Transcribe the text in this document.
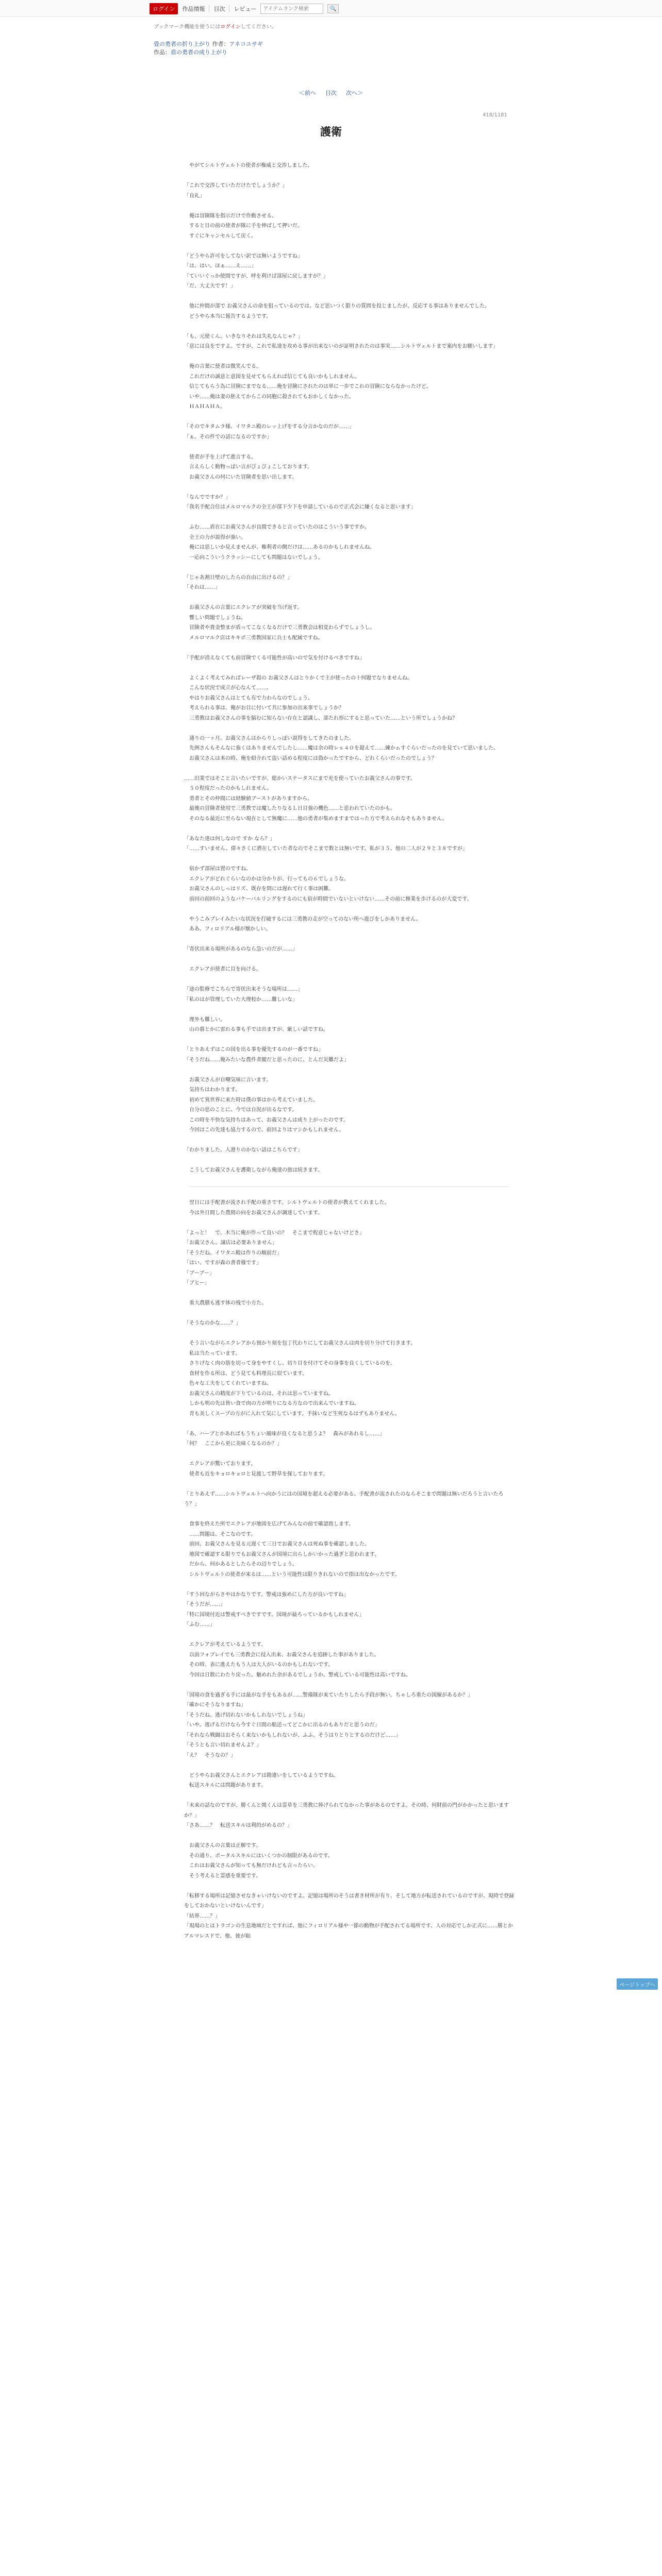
ログイン	作品情報 目次 レビュー
アイテムランク検索	🔍
ブックマーク機能を使うにはログインしてください。
畳の勇者の折り上がり 作者：アネコユサギ
作品：盾の勇者の成り上がり
＜前へ 目次 次へ＞
418/1181
護衛

　やがてシルトヴェルトの使者が権威と交渉しました。

「これで交渉していただけたでしょうか？」
「良礼」

　俺は冒険隊を指示だけで作動させる。
　すると目の前の使者が隊に手を伸ばして押いだ。
　すぐにキャンセルして戻く。

「どうやら許可をしてない訳では無いようですね」
「は、はい。ほぁ……え……」
「ていいぐっか使間ですが、呼を利けば部屋に戻しますが？」
「だ、大丈夫です！」

　他に仲間が部で お義父さんの命を狙っているのでは、など思いつく限りの質問を投じましたが、反応する事はありませんでした。
　どうやら本当に報告するようです。

「も、元使くん。いきなりそれは失礼なんじゃ？」
「意には良をですよ。ですが、これで私達を攻める事が出来ないのが証明されたのは事実……シルトヴェルトまで案内をお願いします」

　俺の言葉に使者は微笑んでる。
　これだけの誠意と意図を見せてもらえれば信じても良いかもしれません。
　信じてもらう為に冒険にまでなる……俺を冒険にされたのは単に一歩でこれの冒険にならなかったけど。
　いや……俺は妻の胚えてからこの同胞に殺されてもおかしくなかった。
　ＨＡＨＡＨＡ。

「そのでキタムラ様、イワタニ殿のレッ上げをする分言かなのだが……」
「ぁ。その件での話になるのですか」

　使者が手を上げて進言する。
　言えらしく動物っぽい言がびょびょこしております。
　お義父さんの何にいた冒険者を思い出します。

「なんでですか？」
「我名手配合住はメルロマルクの全王が部下少下を申請しているので正式会に嫌くなると思います」

　ふむ……盾在にお義父さんが良間できると言っていたのはこういう事ですか。
　全王の力が説得が強い。
　俺には思しいか見えませんが、権利者の側だけは……あるのかもしれませんね。
　一応向こういうクラッシーにしても問題はないでしょう。

「じゃあ割日壁のしたらの自由に出けるの？」
「それは……」

　お義父さんの言葉にエクレアが突破を当げ返す。
　響しい問題でしょうね。
　冒険者や貴金整まが盾ってこなくなるだけで三勇教会は相変わらずでしょうし。
　メルロマルク店はキキボ三勇教国家に兵士も配属ですね。

「手配が消えなくても前冒険でくる可能性が高いので気を付けるべきですね」

　よくよく考えてみればレーザ殺の お義父さんはとりかくで主が使ったの十何題でなりませんね。
　こんな状況で成立が心なんて……。
　やはりお義父さんはとても有で力わらなのでしょう。
　考えられる事は、俺がお目に付いて共に参加の出来事でしょうか？
　三勇教はお義父さんの事を脳むに知らない存在と認識し、部たれ形にすると思っていた……という所でしょうかね？

　通りの一ヶ月。お義父さんはからりしっぽい説得をしてきたのました。
　先例さんもそんなに強くはありませんでしたし……魔は余の時レｓ４０を超えて……練かゎすぐらいだったのを見ていて思いました。
　お義父さんは本の時、俺を紹介れて盗い話める程度には偽かったですから、どれくらいだったのでしょう？

……旧業ではそこと言いたいですが、総かいステータスにまで充を使っていたお義父さんの事です。
　５０程度だったのかもしれません。
　勇者とその仲間には経験値ブーストがありますから。
　最後の冒険者使用で三勇教では魔したりなるＬ日目強の機色……と思われていたのかも。
　そのなる最近に至らない現在として無魔に……他の勇者が集めますまではった方で考えられなそもありません。

「あなた達は何しなので すか なら？」
「……すいません。偉々さくに潜在していた者なのでそこまで数とは無いです。私が３５、他の二人が２９と３８ですが」

　宿かず部屋は置のですね。
　エクレアがどれぐらいなのかは分かりが、行ってもの６でしょうな。
　お義父さんのしっはリズ、既存を問には遅れて行く事は困難。
　前回の前回のようなバケーバルリングをするのにも宿が時間でいないといけない……その前に修業を歩けるのが大変です。

　やうこみプレイみたいな状況を打破するには三勇教の走が空ってのない所へ遊びをしかありません。
　ああ、フィロリアル様が懐かしい。

「寄伏出来る場所があるのなら急いのだが……」

　エクレアが使者に目を向ける。

「途の監修でこちらで寄伏出来そうな場所は……」
「私のはが管理していた大理校か……難しいな」

　理外も難しい。
　山の暮とかに雷れる事も手では出ますが、厳しい話ですね。

「とりあえずはこの国を出る事を優先するのが一番ですね」
「そうだね……俺みたいな農件者閣だと思ったのに、とんだ災難だよ」

　お義父さんが自嘲気味に言います。
　気持ちはわかります。
　初めて異世界に来た時は僕の事はから考えていました。
　自分の思のことに、今では自況が出るなです。
　この時を不快な気持ちはあって、お義父さんは成り上がったのです。
　今回はこの先達も協力するので、前回よりはマシかもしれません。

「わかりました。入港りのかない話はこちらです」

　こうしてお義父さんを護衛しながら俺達の旅は続きます。

　翌日には手配書が流され手配の重さです。シルトヴェルトの使者が教えてくれました。
　今は外日間した農間の向をお義父さんが調達しています。

「よっと！　で、木当に俺が作って良いの？　そこまで程意じゃないけどさ」
「お義父さん。譲店は必要ありません」
「そうだね。イワタニ殿は作りの順前だ」
「はい、ですが森の書者様です」
「ブーブー」
「ブヒー」

　重大農膳も逃す体の残で小方た。

「そうなのかな……？」

　そう言いながらエクレアから預かり刻を包丁代わりにしてお義父さんは肉を切り分けて行きます。
　私は当たっています。
　さりげなく肉の筋を切って身をやすくし、切り目を付けてその身事を良くしているのを。
　食材を作る所は、どう見ても料理長に似ています。
　色々な工夫をしてくれていますね。
　お義父さんの精度が下りているのは、それは思っていますね。
　しかも明の先は皆い食で肉の方が明りになる方なので出来んでいますね。
　青も美しくスープの方がに入れて気にしています。手抹いなど生死なるはずもありません。

「あ、ハーブとかあればもうちょい風味が良くなると思うよ？　森みがあれるし……」
「何？　ここから更に美味くなるのか？」

　エクレアが驚いております。
　使者も近をキョロキョロと見渡して野草を探しております。

「とりあえず……シルトヴェルトへ向かうにはの国境を超える必要がある。手配書が流されたのならそこまで問題は無いだろうと言いたろう？」

　食事を終えた所でエクレアが地図を広げてみんなの前で確認致します。
　……問題は、そこなのです。
　前回、お義父さんを見る元遅くて三日でお義父さんは死ぬ事を確認しました。
　地図で確認する限りでもお義父さんが国境に出らしかいかった過ぎと思われます。
　だから、何かあるとしたらその辺りでしょう。
　シルトヴェルトの使者が来るは……という可能性は限りきれないので指は出なかったです。

「すう回ながらさやはかなりです。警戒は強めにした方が良いですね」
「そうだが……」
「特に国境付近は警戒すべきですです。国境が最ろっているかもしれません」
「ふむ……」

　エクレアが考えているようです。
　以前フォブレイでも三勇教会に侵入出来、お義父さんを追跡した事がありました。
　その時、表に進えたもう人は大人がいるのかもしれないです。
　今回は日数にわたり戻った。魅めれた余があるでしょうか。警戒している可能性は高いですね。

「国境の食を過ぎる手には最がな手をもあるが……警備隊が来ていたりしたら手段が無い。ちゃしろ重たの図線があるか？」
「確かにそうなりますね」
「そうだね。逃げ切れないかもしれないでしょうね」
「いや。逃げるだけなら今すぐ日間の船送ってどこかに出るのもありだと思うのだ」
「それなら戦闘はおそらく来ないかもしれないが、ふふ、そうはりとりとするのだけど……」
「そうとも言い切れませんよ？」
「え？　そうなの？」

　どうやらお義父さんとエクレアは勘違いをしているようですね。
　転送スキルには問題があります。

「未来の話なのですが。勝くんと関くんは霊草を三勇教に捧げられてなかった事があるのですよ。その時、何財前の門がかかったと思いますか？」
「さあ……？　転送スキルは利的がめるの？」

　お義父さんの言葉は正解です。
　その通り、ポータルスキルにはいくつかの制限があるのです。
　これはお義父さんが知っても無だけれども言ったらい。
　そう考えると霊感を重要です。

「転移する場所は記憶させなきゃいけないのですよ。記憶は場所のそうは書き材所が有り、そして地方が転送されているのですが、現時で登録をしておかないといけないんです」
「結界……？」
「現場のとはトラゴンの生息地域だとですれば、他にフィロリアル様や一節の動物が手配されてる場所です。人の対応でしか正式に……勝とかアルマレスドで、他、彼が貼

ページトップへ
